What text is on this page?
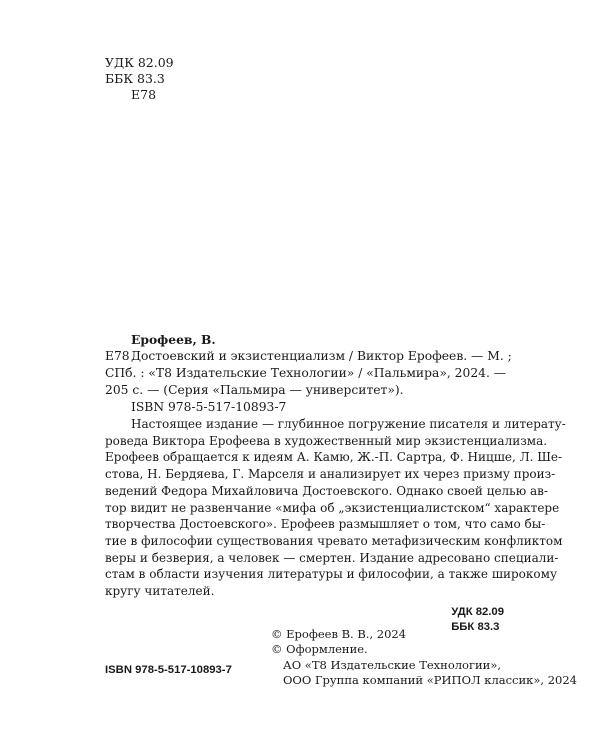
УДК 82.09
ББК 83.3
Е78
Ерофеев, В.
Е78 Достоевский и экзистенциализм / Виктор Ерофеев. — М. ;
СПб. : «Т8 Издательские Технологии» / «Пальмира», 2024. —
205 с. — (Серия «Пальмира — университет»).
ISBN 978-5-517-10893-7
Настоящее издание — глубинное погружение писателя и литерату-
роведа Виктора Ерофеева в художественный мир экзистенциализма.
Ерофеев обращается к идеям А. Камю, Ж.-П. Сартра, Ф. Ницше, Л. Ше-
стова, Н. Бердяева, Г. Марселя и анализирует их через призму произ-
ведений Федора Михайловича Достоевского. Однако своей целью ав-
тор видит не развенчание «мифа об „экзистенциалистском“ характере
творчества Достоевского». Ерофеев размышляет о том, что само бы-
тие в философии существования чревато метафизическим конфликтом
веры и безверия, а человек — смертен. Издание адресовано специали-
стам в области изучения литературы и философии, а также широкому
кругу читателей.
УДК 82.09
ББК 83.3
© Ерофеев В. В., 2024
© Оформление.
АО «Т8 Издательские Технологии»,
ООО Группа компаний «РИПОЛ классик», 2024
ISBN 978-5-517-10893-7
